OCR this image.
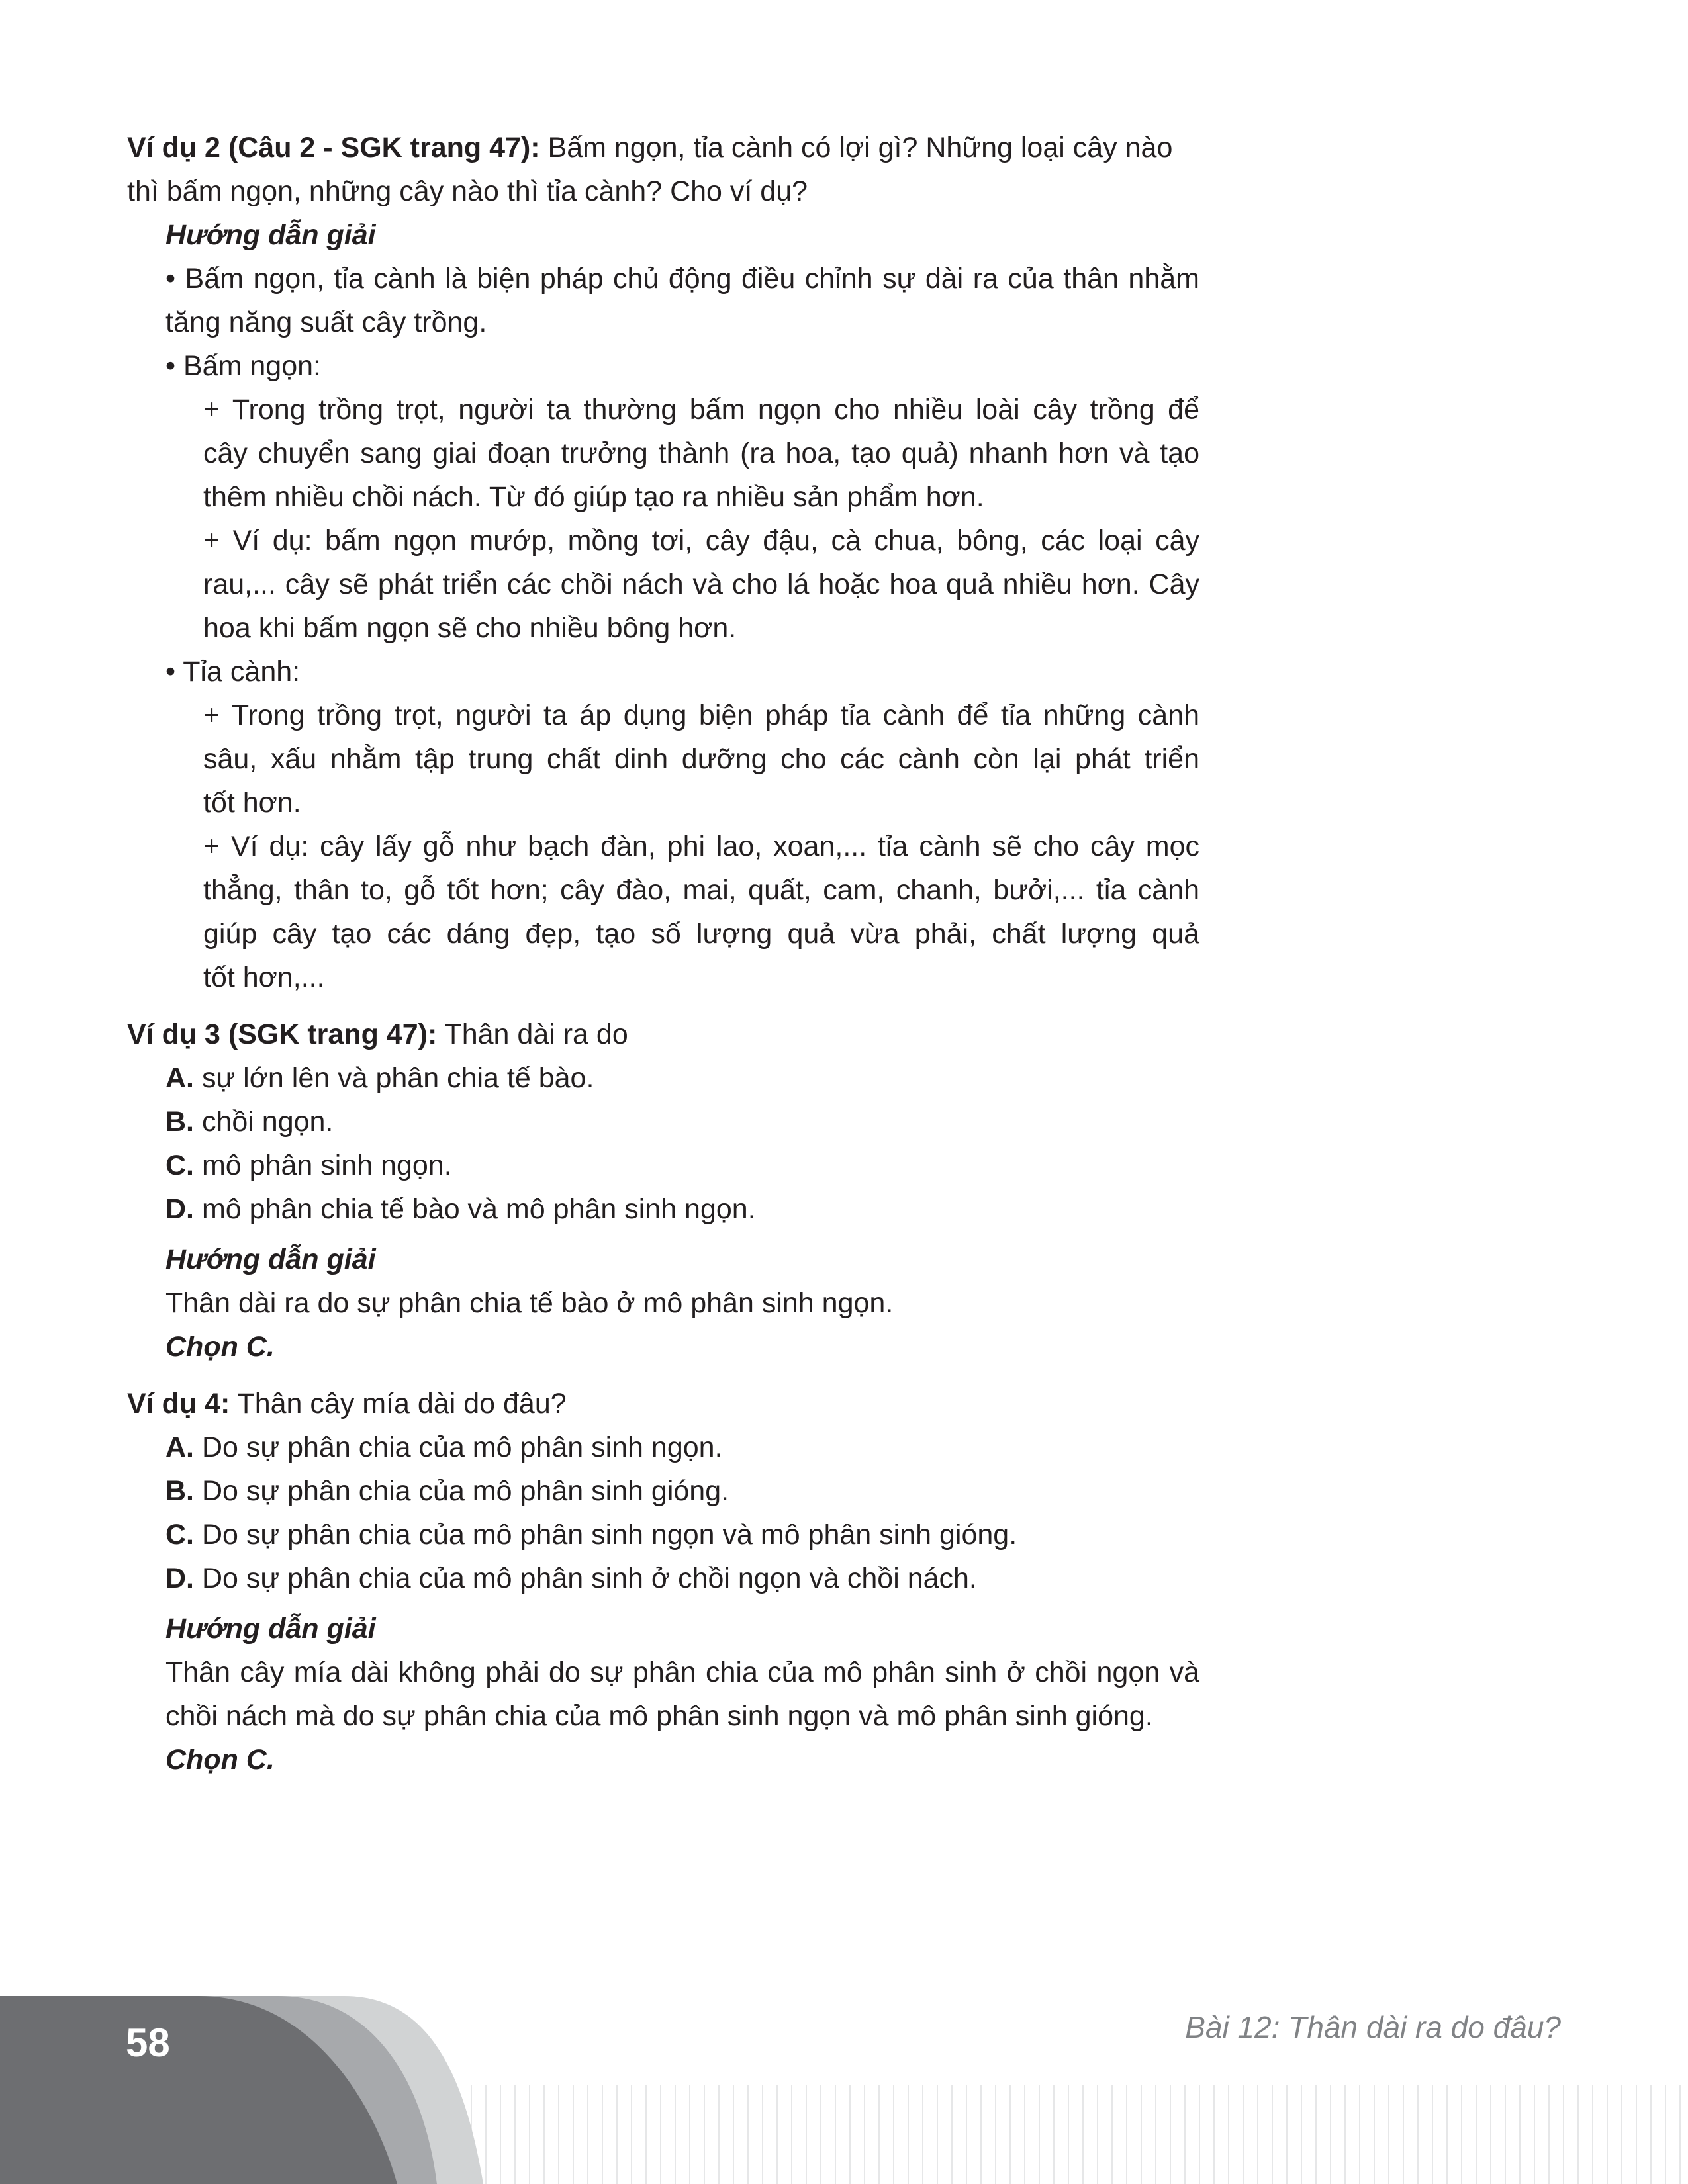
Ví dụ 2 (Câu 2 - SGK trang 47): Bấm ngọn, tỉa cành có lợi gì? Những loại cây nào
thì bấm ngọn, những cây nào thì tỉa cành? Cho ví dụ?
Hướng dẫn giải
• Bấm ngọn, tỉa cành là biện pháp chủ động điều chỉnh sự dài ra của thân nhằm
tăng năng suất cây trồng.
• Bấm ngọn:
+ Trong trồng trọt, người ta thường bấm ngọn cho nhiều loài cây trồng để
cây chuyển sang giai đoạn trưởng thành (ra hoa, tạo quả) nhanh hơn và tạo
thêm nhiều chồi nách. Từ đó giúp tạo ra nhiều sản phẩm hơn.
+ Ví dụ: bấm ngọn mướp, mồng tơi, cây đậu, cà chua, bông, các loại cây
rau,... cây sẽ phát triển các chồi nách và cho lá hoặc hoa quả nhiều hơn. Cây
hoa khi bấm ngọn sẽ cho nhiều bông hơn.
• Tỉa cành:
+ Trong trồng trọt, người ta áp dụng biện pháp tỉa cành để tỉa những cành
sâu, xấu nhằm tập trung chất dinh dưỡng cho các cành còn lại phát triển
tốt hơn.
+ Ví dụ: cây lấy gỗ như bạch đàn, phi lao, xoan,... tỉa cành sẽ cho cây mọc
thẳng, thân to, gỗ tốt hơn; cây đào, mai, quất, cam, chanh, bưởi,... tỉa cành
giúp cây tạo các dáng đẹp, tạo số lượng quả vừa phải, chất lượng quả
tốt hơn,...
Ví dụ 3 (SGK trang 47): Thân dài ra do
A. sự lớn lên và phân chia tế bào.
B. chồi ngọn.
C. mô phân sinh ngọn.
D. mô phân chia tế bào và mô phân sinh ngọn.
Hướng dẫn giải
Thân dài ra do sự phân chia tế bào ở mô phân sinh ngọn.
Chọn C.
Ví dụ 4: Thân cây mía dài do đâu?
A. Do sự phân chia của mô phân sinh ngọn.
B. Do sự phân chia của mô phân sinh gióng.
C. Do sự phân chia của mô phân sinh ngọn và mô phân sinh gióng.
D. Do sự phân chia của mô phân sinh ở chồi ngọn và chồi nách.
Hướng dẫn giải
Thân cây mía dài không phải do sự phân chia của mô phân sinh ở chồi ngọn và
chồi nách mà do sự phân chia của mô phân sinh ngọn và mô phân sinh gióng.
Chọn C.
58	Bài 12: Thân dài ra do đâu?
